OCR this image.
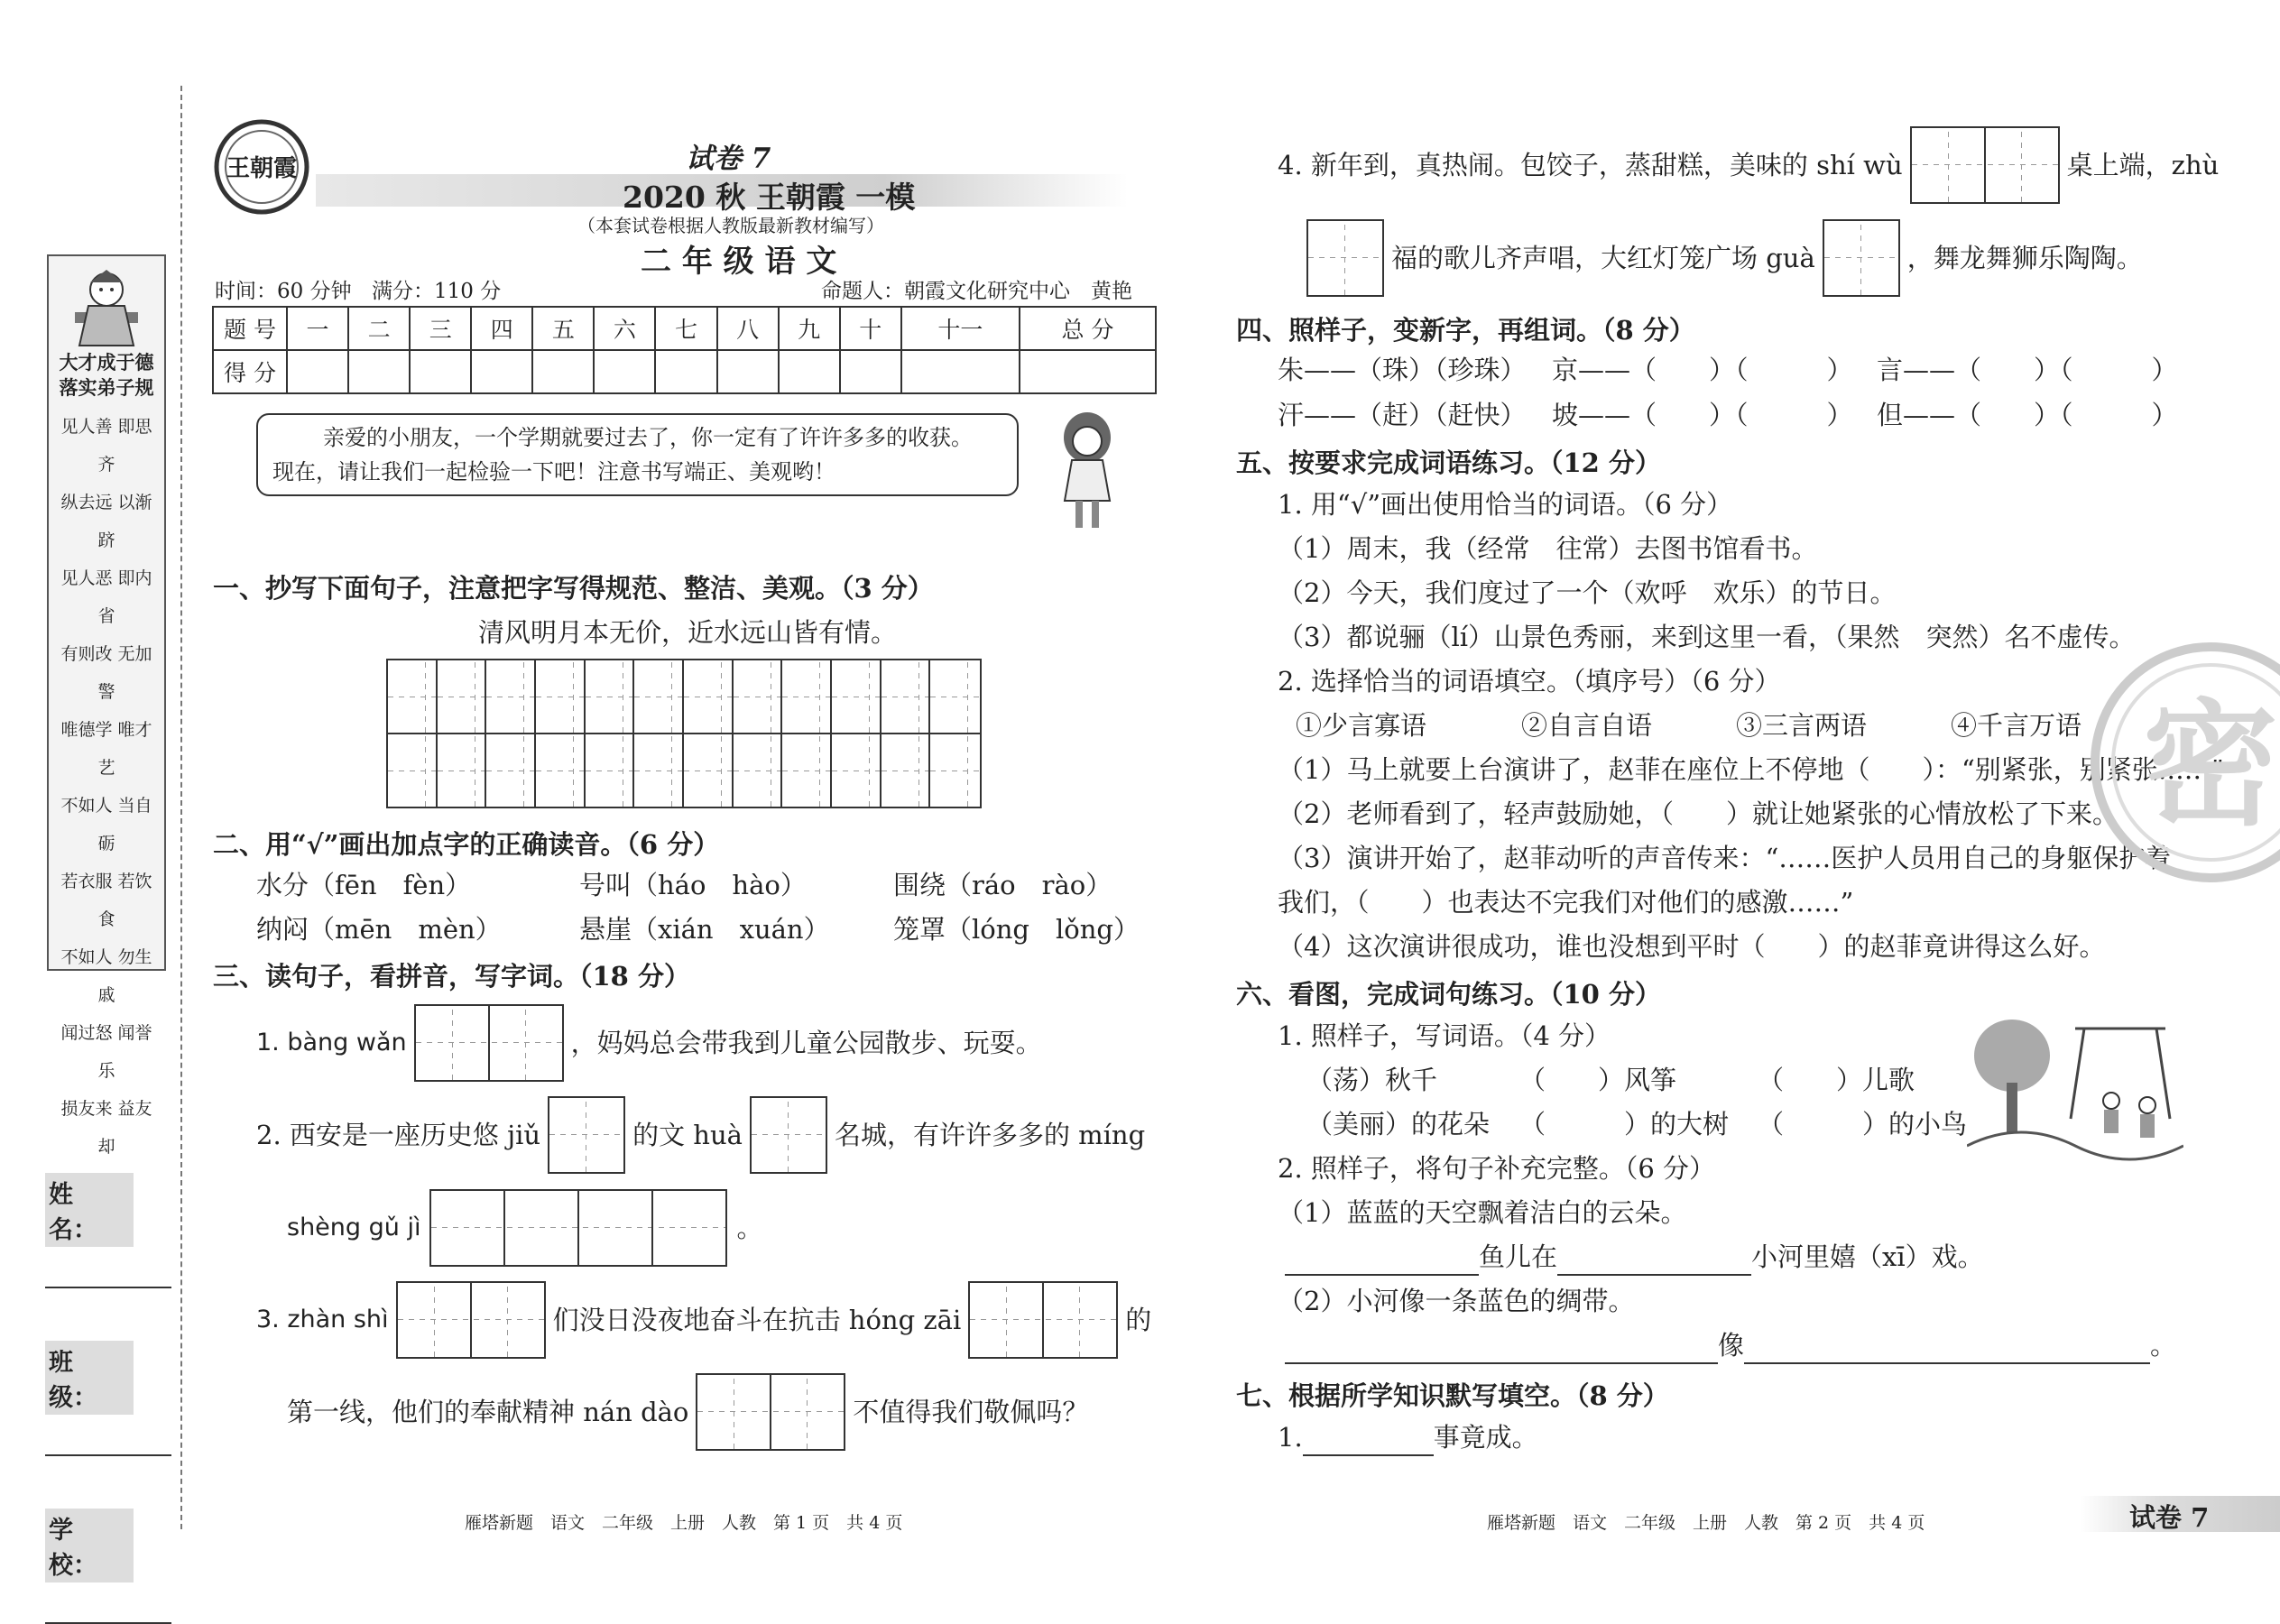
大才成于德 落实弟子规
见人善 即思齐
纵去远 以渐跻
见人恶 即内省
有则改 无加警
唯德学 唯才艺
不如人 当自砺
若衣服 若饮食
不如人 勿生戚
闻过怒 闻誉乐
损友来 益友却
姓 名：
班 级：
学 校：
王朝霞	试卷 7
2020 秋 王朝霞 一模
（本套试卷根据人教版最新教材编写）
二 年 级 语 文
时间：60 分钟 满分：110 分	命题人：朝霞文化研究中心　黄艳
题 号	一	二	三	四	五	六	七	八	九	十	十一	总 分
得 分												
亲爱的小朋友，一个学期就要过去了，你一定有了许许多多的收获。
现在，请让我们一起检验一下吧！注意书写端正、美观哟！
一、抄写下面句子，注意把字写得规范、整洁、美观。（3 分）
清风明月本无价，近水远山皆有情。
二、用“√”画出加点字的正确读音。（6 分）
水分（fēn　fèn）	号叫（háo　hào）	围绕（ráo　rào）
纳闷（mēn　mèn）	悬崖（xián　xuán） 笼罩（lóng　lǒng）
三、读句子，看拼音，写字词。（18 分）
1. bàng wǎn	，妈妈总会带我到儿童公园散步、玩耍。
2. 西安是一座历史悠 jiǔ	的文 huà	名城，有许许多多的 míng
shèng gǔ jì	。
3. zhàn shì	们没日没夜地奋斗在抗击 hóng zāi	的
第一线，他们的奉献精神 nán dào	不值得我们敬佩吗？
雁塔新题　语文　二年级　上册　人教　第 1 页　共 4 页
4. 新年到，真热闹。包饺子，蒸甜糕，美味的 shí wù	桌上端，zhù
福的歌儿齐声唱，大红灯笼广场 guà	，舞龙舞狮乐陶陶。
四、照样子，变新字，再组词。（8 分）
朱——（珠）（珍珠） 京——（　　）（　　　） 言——（　　）（　　　）
汗——（赶）（赶快） 坡——（　　）（　　　） 但——（　　）（　　　）
五、按要求完成词语练习。（12 分）
1. 用“√”画出使用恰当的词语。（6 分）
（1）周末，我（经常　往常）去图书馆看书。
（2）今天，我们度过了一个（欢呼　欢乐）的节日。
（3）都说骊（lí）山景色秀丽，来到这里一看，（果然　突然）名不虚传。
2. 选择恰当的词语填空。（填序号）（6 分）
①少言寡语	②自言自语	③三言两语	④千言万语
（1）马上就要上台演讲了，赵菲在座位上不停地（　　）：“别紧张，别紧张……”
（2）老师看到了，轻声鼓励她，（　　）就让她紧张的心情放松了下来。
（3）演讲开始了，赵菲动听的声音传来：“……医护人员用自己的身躯保护着
我们，（　　）也表达不完我们对他们的感激……”
（4）这次演讲很成功，谁也没想到平时（　　）的赵菲竟讲得这么好。
密
六、看图，完成词句练习。（10 分）
1. 照样子，写词语。（4 分）
（荡）秋千	（　　）风筝	（　　）儿歌
（美丽）的花朵 （　　　）的大树 （　　　）的小鸟
2. 照样子，将句子补充完整。（6 分）
（1）蓝蓝的天空飘着洁白的云朵。
鱼儿在	小河里嬉（xī）戏。
（2）小河像一条蓝色的绸带。
像	。
七、根据所学知识默写填空。（8 分）
1.	事竟成。
雁塔新题　语文　二年级　上册　人教　第 2 页　共 4 页	试卷 7
